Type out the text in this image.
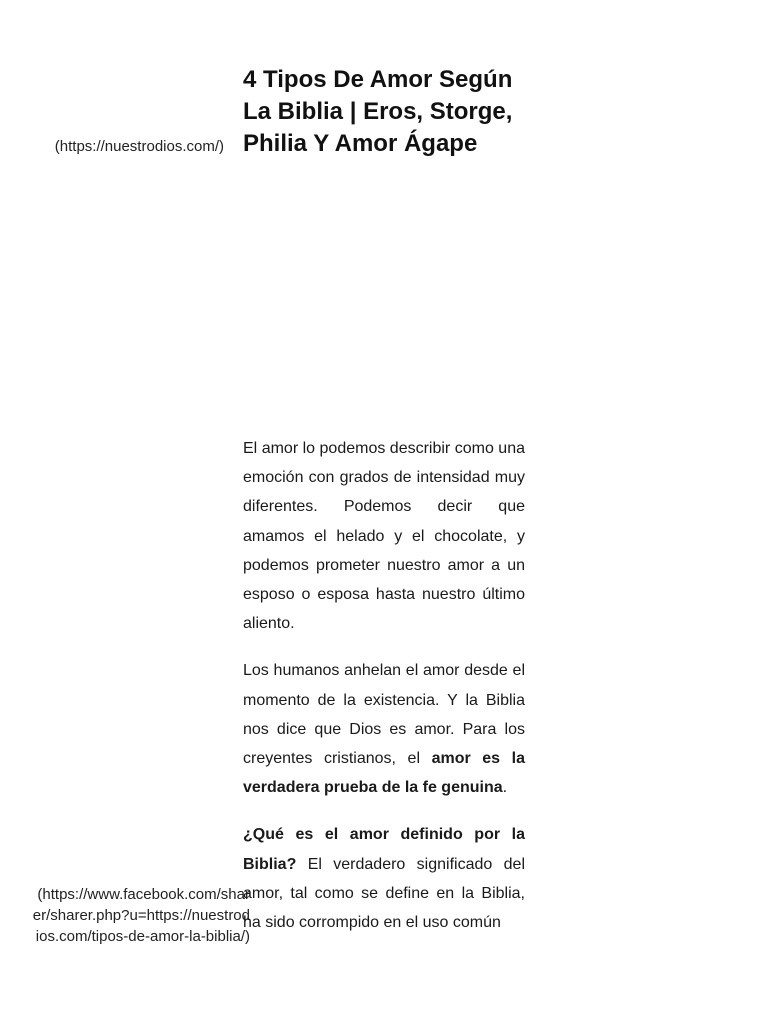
(https://nuestrodios.com/)
4 Tipos De Amor Según La Biblia | Eros, Storge, Philia Y Amor Ágape

El amor lo podemos describir como una emoción con grados de intensidad muy diferentes. Podemos decir que amamos el helado y el chocolate, y podemos prometer nuestro amor a un esposo o esposa hasta nuestro último aliento.

Los humanos anhelan el amor desde el momento de la existencia. Y la Biblia nos dice que Dios es amor. Para los creyentes cristianos, el amor es la verdadera prueba de la fe genuina.

¿Qué es el amor definido por la Biblia? El verdadero significado del amor, tal como se define en la Biblia, ha sido corrompido en el uso común

(https://www.facebook.com/sharer/sharer.php?u=https://nuestrodios.com/tipos-de-amor-la-biblia/)
